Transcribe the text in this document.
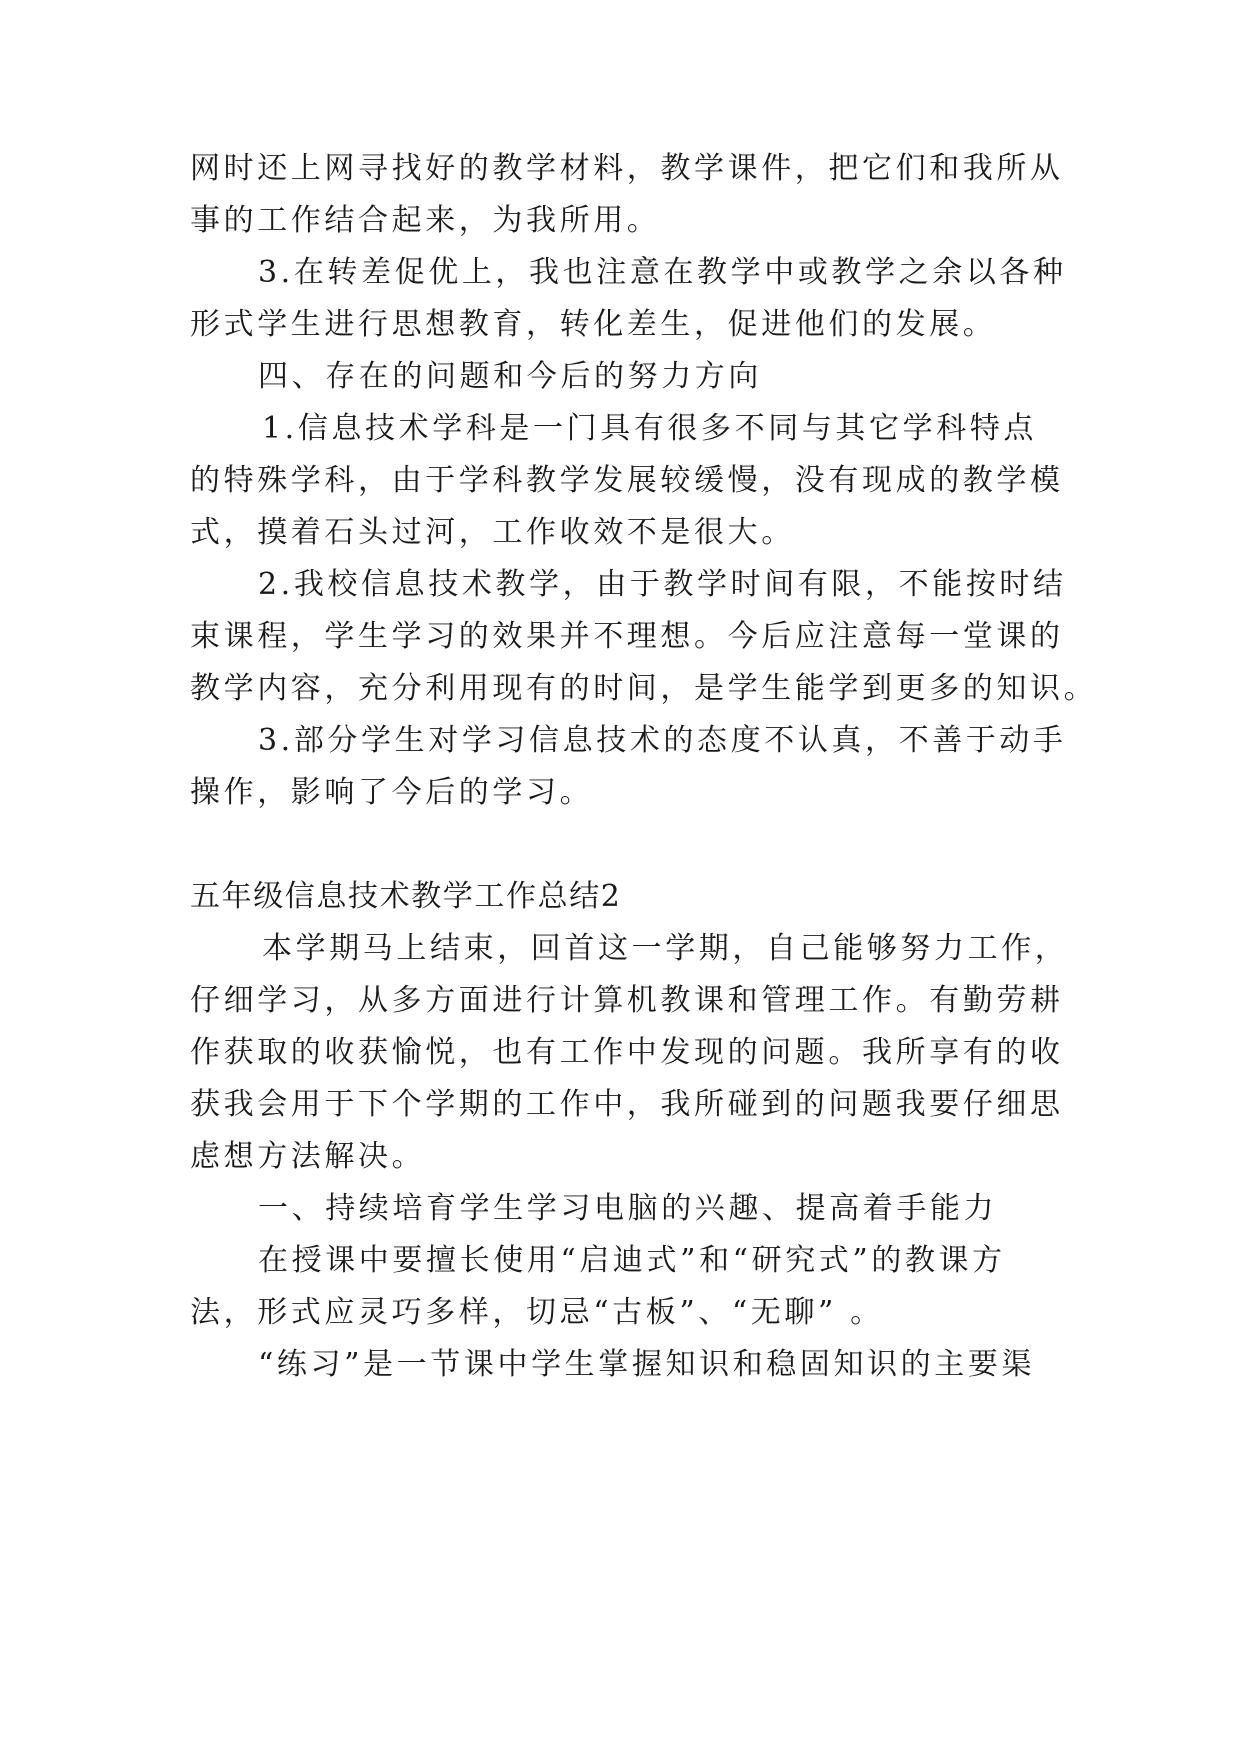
网时还上网寻找好的教学材料，教学课件，把它们和我所从
事的工作结合起来，为我所用。
3.在转差促优上，我也注意在教学中或教学之余以各种
形式学生进行思想教育，转化差生，促进他们的发展。
四、存在的问题和今后的努力方向
1.信息技术学科是一门具有很多不同与其它学科特点
的特殊学科，由于学科教学发展较缓慢，没有现成的教学模
式，摸着石头过河，工作收效不是很大。
2.我校信息技术教学，由于教学时间有限，不能按时结
束课程，学生学习的效果并不理想。今后应注意每一堂课的
教学内容，充分利用现有的时间，是学生能学到更多的知识。
3.部分学生对学习信息技术的态度不认真，不善于动手
操作，影响了今后的学习。
五年级信息技术教学工作总结2
本学期马上结束，回首这一学期，自己能够努力工作，
仔细学习，从多方面进行计算机教课和管理工作。有勤劳耕
作获取的收获愉悦，也有工作中发现的问题。我所享有的收
获我会用于下个学期的工作中，我所碰到的问题我要仔细思
虑想方法解决。
一、持续培育学生学习电脑的兴趣、提高着手能力
在授课中要擅长使用“启迪式”和“研究式”的教课方
法，形式应灵巧多样，切忌“古板”、“无聊” 。
“练习”是一节课中学生掌握知识和稳固知识的主要渠
